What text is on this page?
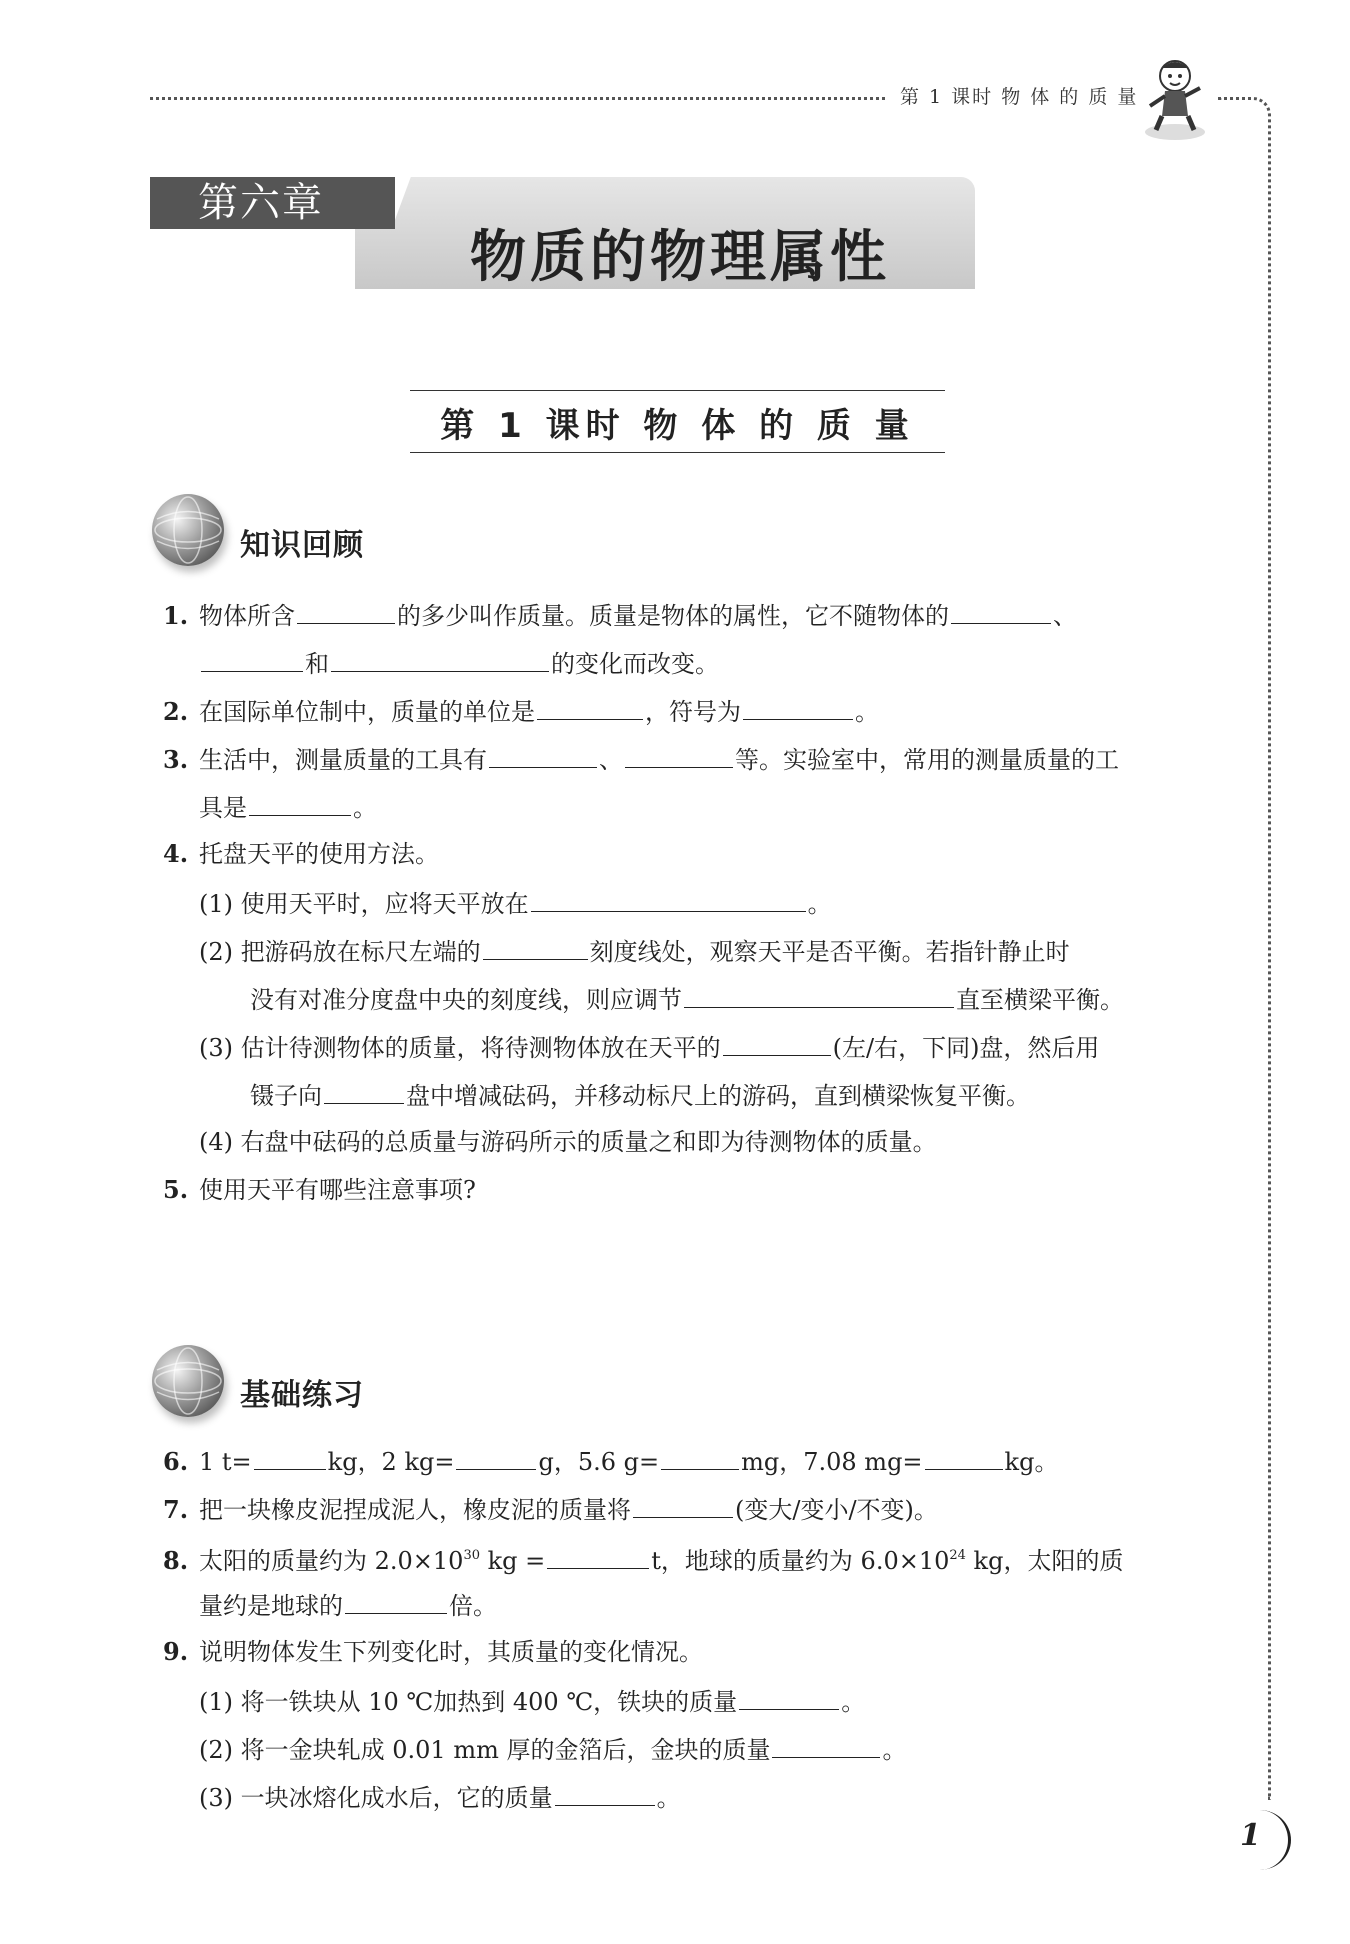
第 1 课时 物 体 的 质 量
1
第六章
物质的物理属性
第 1 课时 物 体 的 质 量
知识回顾
1. 物体所含	的多少叫作质量。质量是物体的属性，它不随物体的	、
和	的变化而改变。
2. 在国际单位制中，质量的单位是	，符号为	。
3. 生活中，测量质量的工具有	、	等。实验室中，常用的测量质量的工
具是	。
4. 托盘天平的使用方法。
(1) 使用天平时，应将天平放在	。
(2) 把游码放在标尺左端的	刻度线处，观察天平是否平衡。若指针静止时
没有对准分度盘中央的刻度线，则应调节	直至横梁平衡。
(3) 估计待测物体的质量，将待测物体放在天平的	(左/右，下同)盘，然后用
镊子向	盘中增减砝码，并移动标尺上的游码，直到横梁恢复平衡。
(4) 右盘中砝码的总质量与游码所示的质量之和即为待测物体的质量。
5. 使用天平有哪些注意事项?
基础练习
6. 1 t=	kg，2 kg=	g，5.6 g=	mg，7.08 mg=	kg。
7. 把一块橡皮泥捏成泥人，橡皮泥的质量将	(变大/变小/不变)。
8. 太阳的质量约为 $2.0\times 10^{30}$ kg =	t，地球的质量约为 $6.0\times 10^{24}$ kg，太阳的质
量约是地球的	倍。
9. 说明物体发生下列变化时，其质量的变化情况。
(1) 将一铁块从 10 ℃加热到 400 ℃，铁块的质量	。
(2) 将一金块轧成 0.01 mm 厚的金箔后，金块的质量	。
(3) 一块冰熔化成水后，它的质量	。
